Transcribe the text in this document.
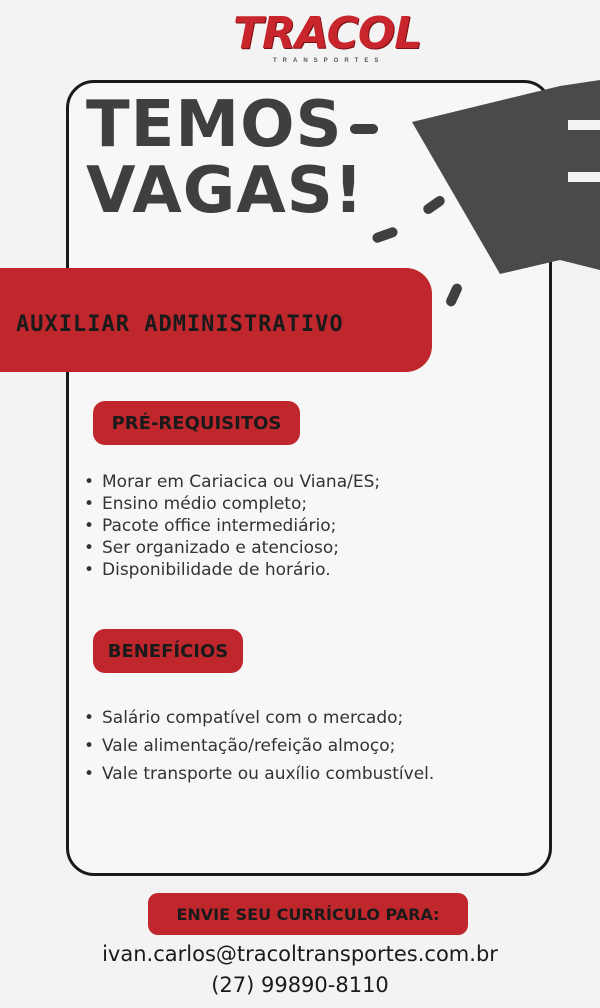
TRACOL
TRANSPORTES
TEMOS
VAGAS!
AUXILIAR ADMINISTRATIVO
PRÉ-REQUISITOS
• Morar em Cariacica ou Viana/ES;
• Ensino médio completo;
• Pacote office intermediário;
• Ser organizado e atencioso;
• Disponibilidade de horário.
BENEFÍCIOS
• Salário compatível com o mercado;
• Vale alimentação/refeição almoço;
• Vale transporte ou auxílio combustível.
ENVIE SEU CURRÍCULO PARA:
ivan.carlos@tracoltransportes.com.br
(27) 99890-8110
